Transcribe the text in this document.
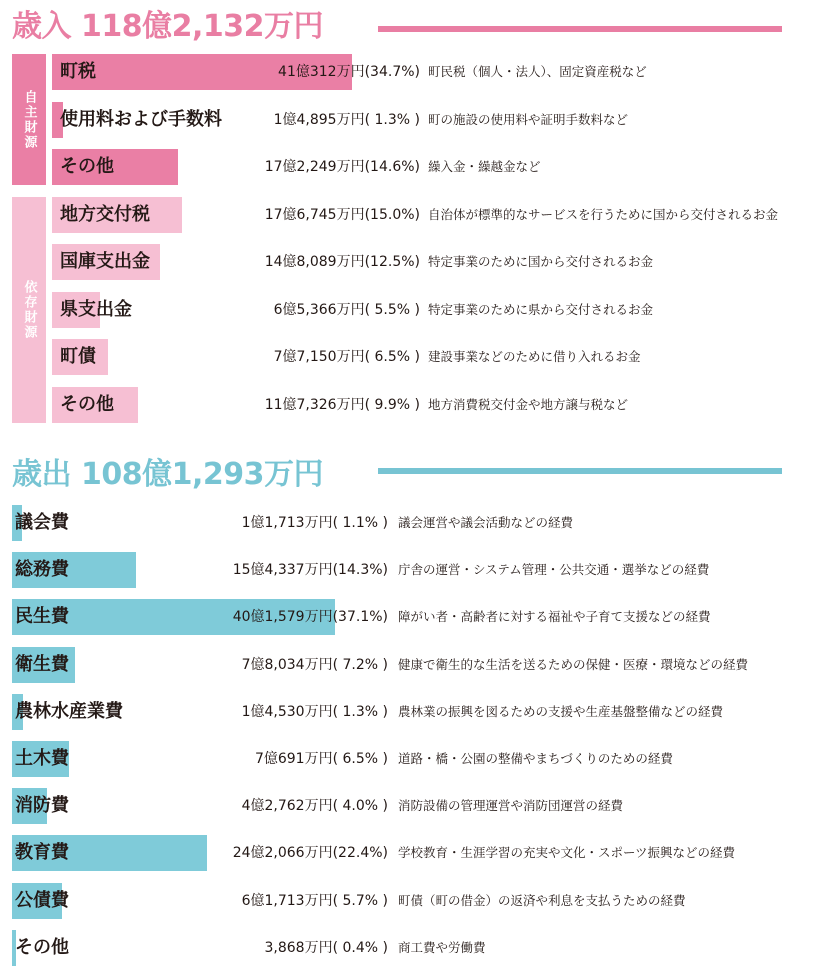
歳入 118億2,132万円
自主財源
依存財源
町税	41億312万円(34.7%) 町民税（個人・法人）、固定資産税など
使用料および手数料	1億4,895万円( 1.3% ) 町の施設の使用料や証明手数料など
その他	17億2,249万円(14.6%) 繰入金・繰越金など
地方交付税	17億6,745万円(15.0%) 自治体が標準的なサービスを行うために国から交付されるお金
国庫支出金	14億8,089万円(12.5%) 特定事業のために国から交付されるお金
県支出金	6億5,366万円( 5.5% ) 特定事業のために県から交付されるお金
町債	7億7,150万円( 6.5% ) 建設事業などのために借り入れるお金
その他	11億7,326万円( 9.9% ) 地方消費税交付金や地方譲与税など
歳出 108億1,293万円
議会費	1億1,713万円( 1.1% ) 議会運営や議会活動などの経費
総務費	15億4,337万円(14.3%) 庁舎の運営・システム管理・公共交通・選挙などの経費
民生費	40億1,579万円(37.1%) 障がい者・高齢者に対する福祉や子育て支援などの経費
衛生費	7億8,034万円( 7.2% ) 健康で衛生的な生活を送るための保健・医療・環境などの経費
農林水産業費	1億4,530万円( 1.3% ) 農林業の振興を図るための支援や生産基盤整備などの経費
土木費	7億691万円( 6.5% ) 道路・橋・公園の整備やまちづくりのための経費
消防費	4億2,762万円( 4.0% ) 消防設備の管理運営や消防団運営の経費
教育費	24億2,066万円(22.4%) 学校教育・生涯学習の充実や文化・スポーツ振興などの経費
公債費	6億1,713万円( 5.7% ) 町債（町の借金）の返済や利息を支払うための経費
その他	3,868万円( 0.4% ) 商工費や労働費
